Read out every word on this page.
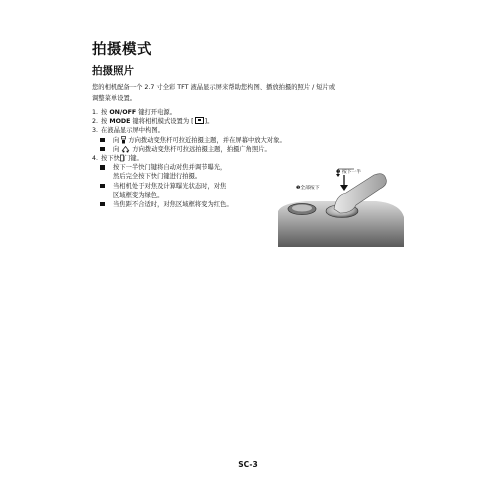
拍摄模式
拍摄照片
您的相机配备一个 2.7 寸全彩 TFT 液晶显示屏来帮助您构图、播放拍摄的照片 / 短片或
调整菜单设置。
1. 按 ON/OFF 键打开电源。
2. 按 MODE 键将相机模式设置为 [ ]。
3. 在液晶显示屏中构图。
向  方向拨动变焦杆可拉近拍摄主题，并在屏幕中放大对象。
向  方向拨动变焦杆可拉远拍摄主题，拍摄广角照片。
4. 按下快 门键。
按下一半快门键将自动对焦并调节曝光，
然后完全按下快门键进行拍摄。
当相机处于对焦及计算曝光状态时，对焦
区域框变为绿色。
当焦距不合适时，对焦区域框将变为红色。
❷ 按下一半
❶全部按下
SC-3
